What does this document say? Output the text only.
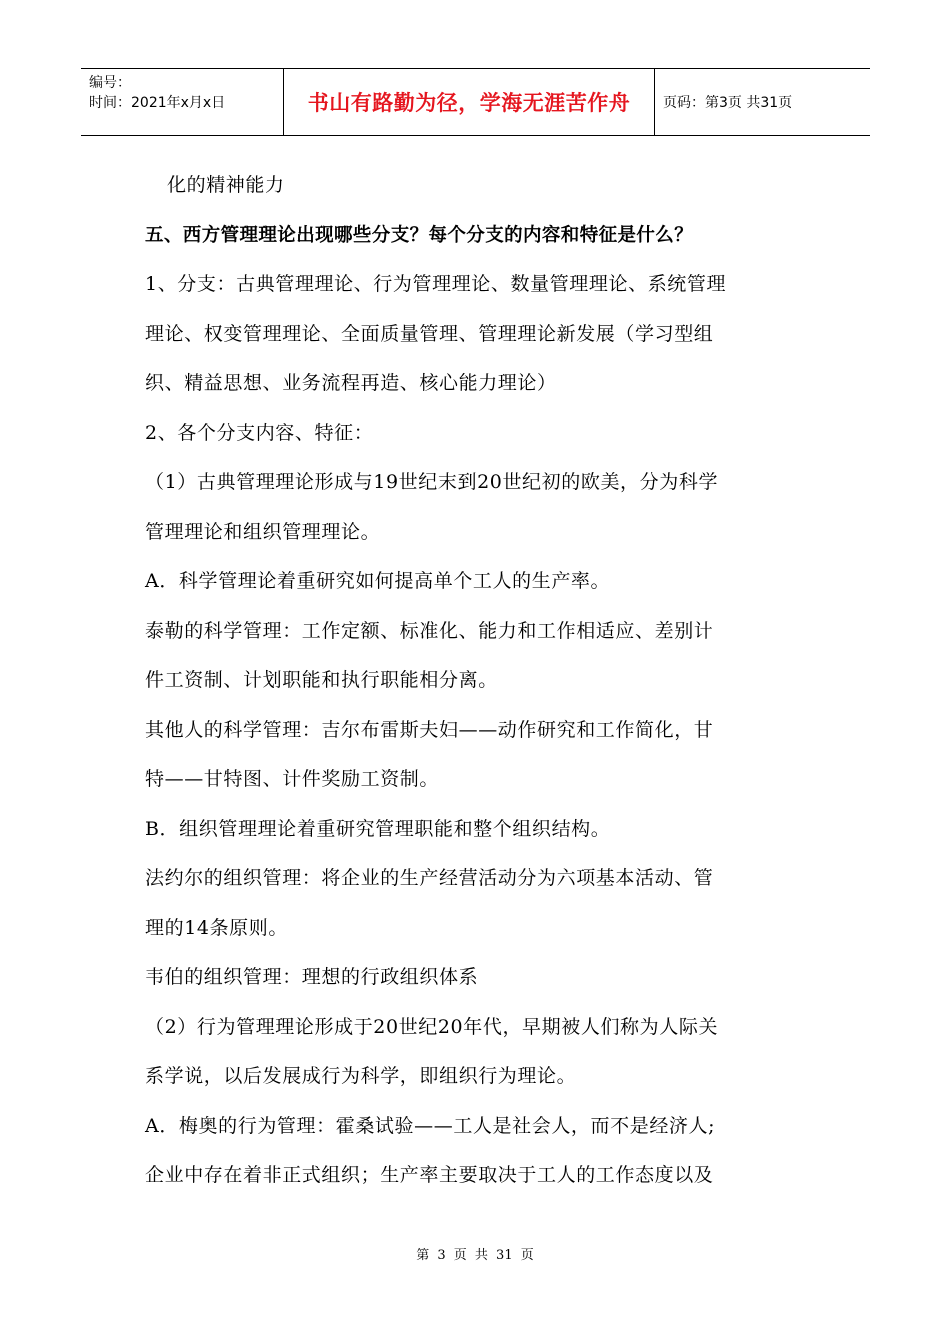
编号：
时间：2021年x月x日	书山有路勤为径，学海无涯苦作舟 页码：第3页 共31页
化的精神能力
五、西方管理理论出现哪些分支？每个分支的内容和特征是什么？
1、分支：古典管理理论、行为管理理论、数量管理理论、系统管理
理论、权变管理理论、全面质量管理、管理理论新发展（学习型组
织、精益思想、业务流程再造、核心能力理论）
2、各个分支内容、特征：
（1）古典管理理论形成与19世纪末到20世纪初的欧美，分为科学
管理理论和组织管理理论。
A．科学管理论着重研究如何提高单个工人的生产率。
泰勒的科学管理：工作定额、标准化、能力和工作相适应、差别计
件工资制、计划职能和执行职能相分离。
其他人的科学管理：吉尔布雷斯夫妇——动作研究和工作简化，甘
特——甘特图、计件奖励工资制。
B．组织管理理论着重研究管理职能和整个组织结构。
法约尔的组织管理：将企业的生产经营活动分为六项基本活动、管
理的14条原则。
韦伯的组织管理：理想的行政组织体系
（2）行为管理理论形成于20世纪20年代，早期被人们称为人际关
系学说，以后发展成行为科学，即组织行为理论。
A．梅奥的行为管理：霍桑试验——工人是社会人，而不是经济人;
企业中存在着非正式组织；生产率主要取决于工人的工作态度以及
第 3 页 共 31 页
